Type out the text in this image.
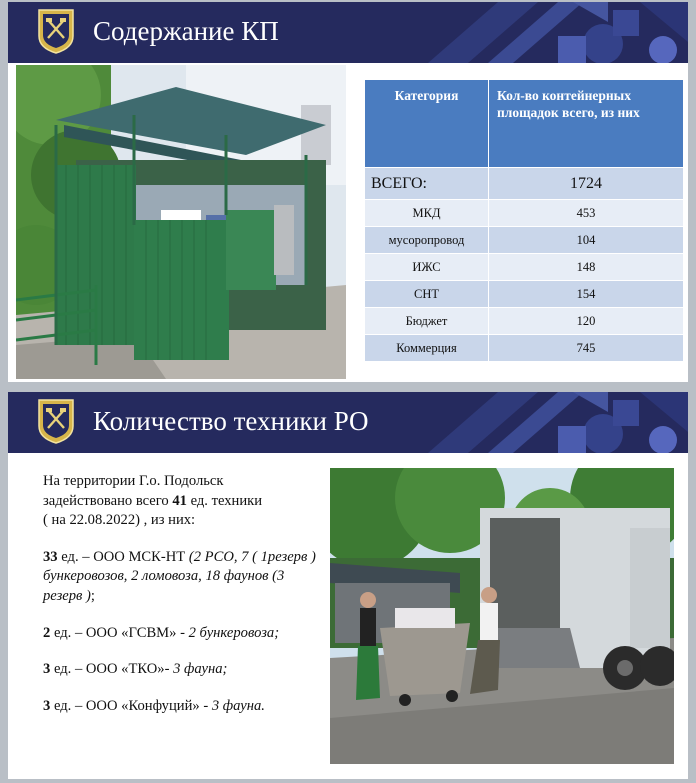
Содержание КП
Категория	Кол-во контейнерных площадок всего, из них
ВСЕГО:	1724
МКД	453
мусоропровод	104
ИЖС	148
СНТ	154
Бюджет	120
Коммерция	745
Количество техники РО

На территории Г.о. Подольск

задействовано всего 41 ед. техники

( на 22.08.2022) , из них:

33 ед. – ООО МСК-НТ (2 РСО, 7 ( 1резерв ) бункеровозов, 2 ломовоза, 18 фаунов (3 резерв );

2 ед. – ООО «ГСВМ» - 2 бункеровоза;

3 ед. – ООО «ТКО»- 3 фауна;

3 ед. – ООО «Конфуций» - 3 фауна.
